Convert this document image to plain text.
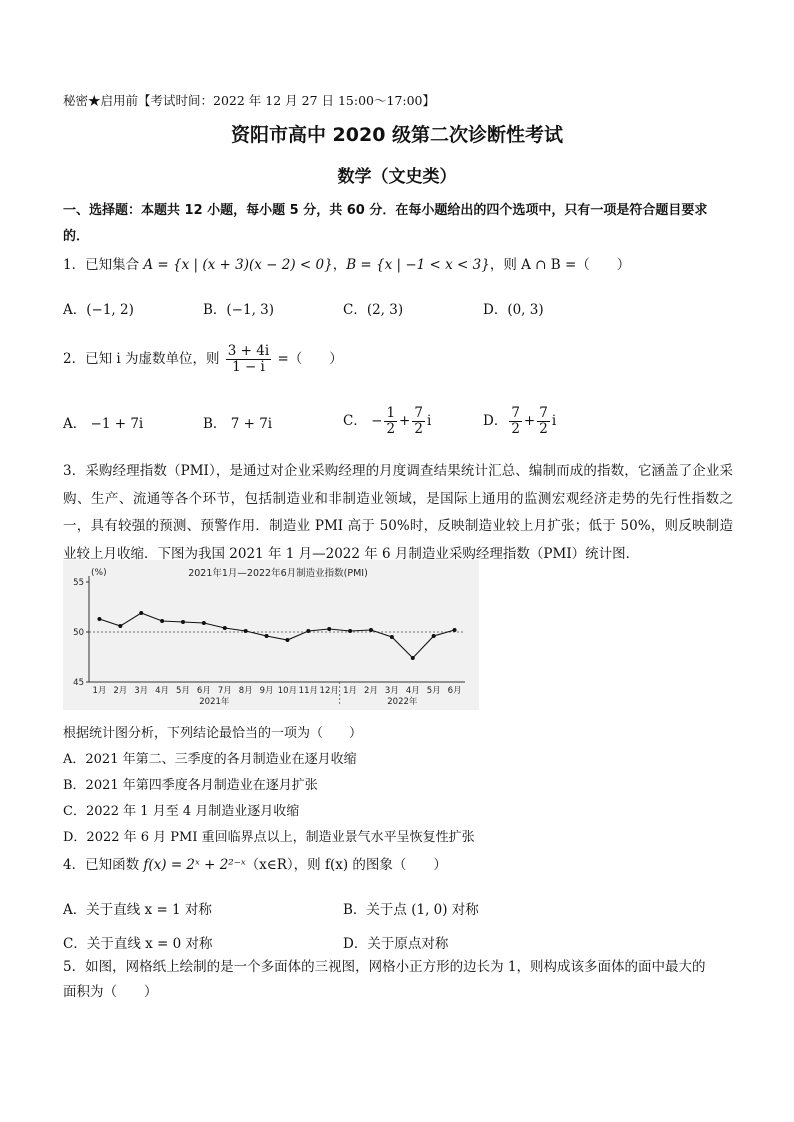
秘密★启用前【考试时间：2022 年 12 月 27 日 15:00～17:00】
资阳市高中 2020 级第二次诊断性考试
数学（文史类）
一、选择题：本题共 12 小题，每小题 5 分，共 60 分．在每小题给出的四个选项中，只有一项是符合题目要求的．
1．已知集合 A = {x | (x + 3)(x − 2) < 0}，B = {x | −1 < x < 3}，则 A ∩ B =（　　）
A．(−1, 2)	B．(−1, 3)	C．(2, 3)	D．(0, 3)
2．已知 i 为虚数单位，则 $\frac{3 + 4i}{1 - i}$ =（　　）
A． −1 + 7i	B． 7 + 7i	C． − $\frac{1}{2} + \frac{7}{2}$ i	D． $\frac{7}{2} + \frac{7}{2}$ i
3．采购经理指数（PMI），是通过对企业采购经理的月度调查结果统计汇总、编制而成的指数，它涵盖了企业采购、生产、流通等各个环节，包括制造业和非制造业领域，是国际上通用的监测宏观经济走势的先行性指数之一，具有较强的预测、预警作用．制造业 PMI 高于 50%时，反映制造业较上月扩张；低于 50%，则反映制造业较上月收缩．下图为我国 2021 年 1 月—2022 年 6 月制造业采购经理指数（PMI）统计图．
2021年1月—2022年6月制造业指数(PMI)
(%)
45
50
55
1月 2月 3月 4月 5月 6月 7月 8月 9月 10月 11月 12月 1月 2月 3月 4月 5月 6月
2021年	2022年
根据统计图分析，下列结论最恰当的一项为（　　）
A．2021 年第二、三季度的各月制造业在逐月收缩
B．2021 年第四季度各月制造业在逐月扩张
C．2022 年 1 月至 4 月制造业逐月收缩
D．2022 年 6 月 PMI 重回临界点以上，制造业景气水平呈恢复性扩张
4．已知函数 f(x) = 2ˣ + 2²⁻ˣ（x∈R），则 f(x) 的图象（　　）
A．关于直线 x = 1 对称	B．关于点 (1, 0) 对称
C．关于直线 x = 0 对称	D．关于原点对称
5．如图，网格纸上绘制的是一个多面体的三视图，网格小正方形的边长为 1，则构成该多面体的面中最大的
面积为（　　）
